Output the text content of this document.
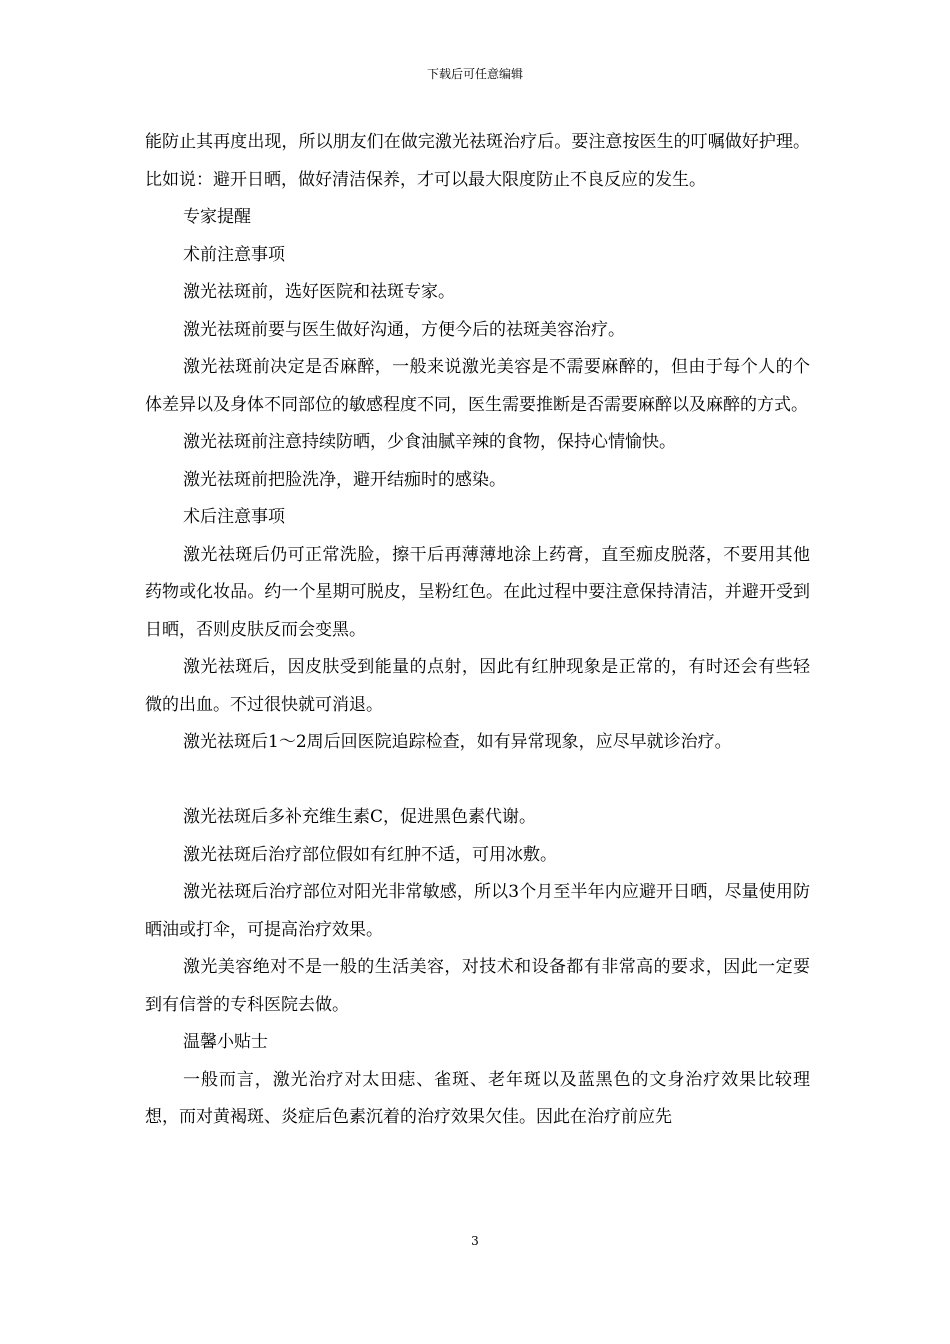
下载后可任意编辑

能防止其再度出现，所以朋友们在做完激光祛斑治疗后。要注意按医生的叮嘱做好护理。比如说：避开日晒，做好清洁保养，才可以最大限度防止不良反应的发生。

专家提醒

术前注意事项

激光祛斑前，选好医院和祛斑专家。

激光祛斑前要与医生做好沟通，方便今后的祛斑美容治疗。

激光祛斑前决定是否麻醉，一般来说激光美容是不需要麻醉的，但由于每个人的个体差异以及身体不同部位的敏感程度不同，医生需要推断是否需要麻醉以及麻醉的方式。

激光祛斑前注意持续防晒，少食油腻辛辣的食物，保持心情愉快。

激光祛斑前把脸洗净，避开结痂时的感染。

术后注意事项

激光祛斑后仍可正常洗脸，擦干后再薄薄地涂上药膏，直至痂皮脱落，不要用其他药物或化妆品。约一个星期可脱皮，呈粉红色。在此过程中要注意保持清洁，并避开受到日晒，否则皮肤反而会变黑。

激光祛斑后，因皮肤受到能量的点射，因此有红肿现象是正常的，有时还会有些轻微的出血。不过很快就可消退。

激光祛斑后1～2周后回医院追踪检查，如有异常现象，应尽早就诊治疗。

激光祛斑后多补充维生素C，促进黑色素代谢。

激光祛斑后治疗部位假如有红肿不适，可用冰敷。

激光祛斑后治疗部位对阳光非常敏感，所以3个月至半年内应避开日晒，尽量使用防晒油或打伞，可提高治疗效果。

激光美容绝对不是一般的生活美容，对技术和设备都有非常高的要求，因此一定要到有信誉的专科医院去做。

温馨小贴士

一般而言，激光治疗对太田痣、雀斑、老年斑以及蓝黑色的文身治疗效果比较理想，而对黄褐斑、炎症后色素沉着的治疗效果欠佳。因此在治疗前应先

3
